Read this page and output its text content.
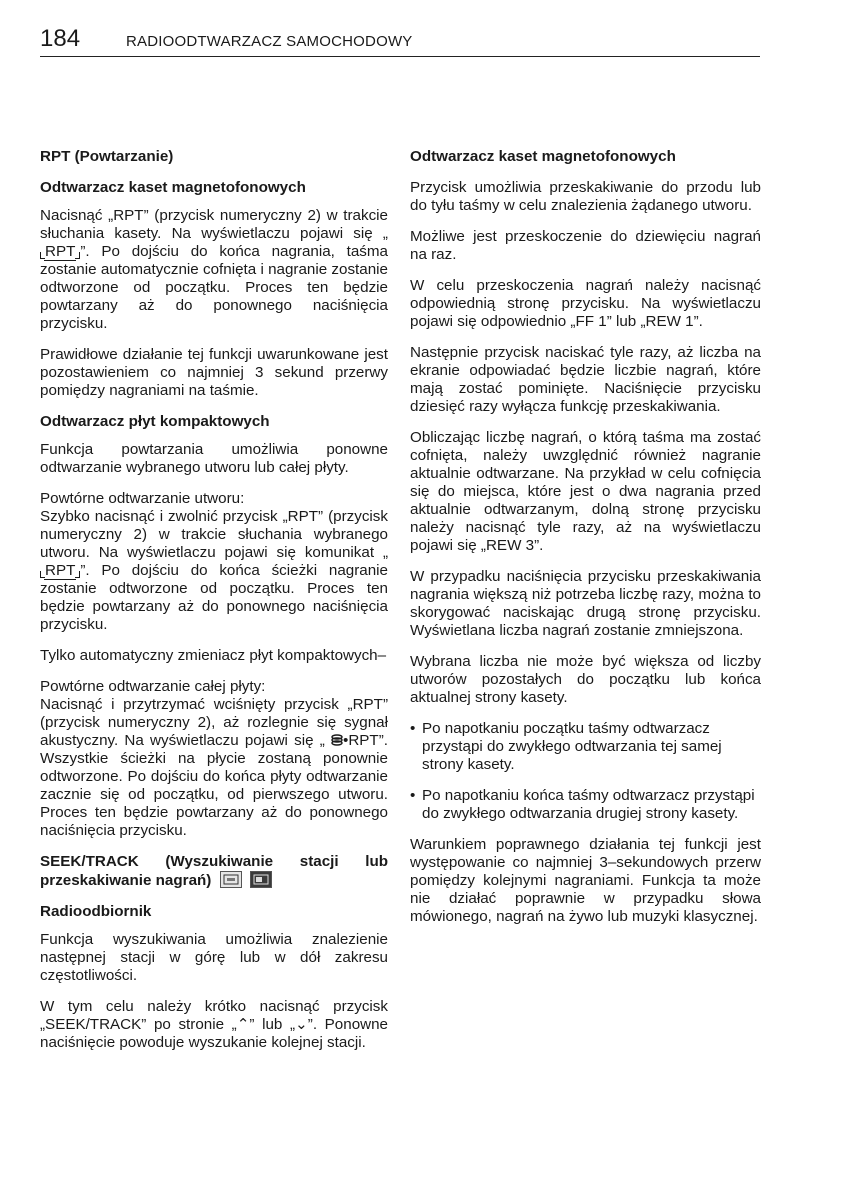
184	RADIOODTWARZACZ SAMOCHODOWY
RPT (Powtarzanie)
Odtwarzacz kaset magnetofonowych

Nacisnąć „RPT” (przycisk numeryczny 2) w trakcie słuchania kasety. Na wyświetlaczu pojawi się „RPT ”. Po dojściu do końca nagrania, taśma zostanie automatycznie cofnięta i nagranie zostanie odtworzone od początku. Proces ten będzie powtarzany aż do ponownego naciśnięcia przycisku.

Prawidłowe działanie tej funkcji uwarunkowane jest pozostawieniem co najmniej 3 sekund przerwy pomiędzy nagraniami na taśmie.

Odtwarzacz płyt kompaktowych

Funkcja powtarzania umożliwia ponowne odtwarzanie wybranego utworu lub całej płyty.

Powtórne odtwarzanie utworu:

Szybko nacisnąć i zwolnić przycisk „RPT” (przycisk numeryczny 2) w trakcie słuchania wybranego utworu. Na wyświetlaczu pojawi się komunikat „RPT ”. Po dojściu do końca ścieżki nagranie zostanie odtworzone od początku. Proces ten będzie powtarzany aż do ponownego naciśnięcia przycisku.

Tylko automatyczny zmieniacz płyt kompaktowych–

Powtórne odtwarzanie całej płyty:

Nacisnąć i przytrzymać wciśnięty przycisk „RPT” (przycisk numeryczny 2), aż rozlegnie się sygnał akustyczny. Na wyświetlaczu pojawi się „ •RPT”. Wszystkie ścieżki na płycie zostaną ponownie odtworzone. Po dojściu do końca płyty odtwarzanie zacznie się od początku, od pierwszego utworu. Proces ten będzie powtarzany aż do ponownego naciśnięcia przycisku.

SEEK/TRACK (Wyszukiwanie stacji lub przeskakiwanie nagrań)

Radioodbiornik

Funkcja wyszukiwania umożliwia znalezienie następnej stacji w górę lub w dół zakresu częstotliwości.

W tym celu należy krótko nacisnąć przycisk „SEEK/TRACK” po stronie „⌃” lub „⌄”. Ponowne naciśnięcie powoduje wyszukanie kolejnej stacji.

Odtwarzacz kaset magnetofonowych

Przycisk umożliwia przeskakiwanie do przodu lub do tyłu taśmy w celu znalezienia żądanego utworu.

Możliwe jest przeskoczenie do dziewięciu nagrań na raz.

W celu przeskoczenia nagrań należy nacisnąć odpowiednią stronę przycisku. Na wyświetlaczu pojawi się odpowiednio „FF 1” lub „REW 1”.

Następnie przycisk naciskać tyle razy, aż liczba na ekranie odpowiadać będzie liczbie nagrań, które mają zostać pominięte. Naciśnięcie przycisku dziesięć razy wyłącza funkcję przeskakiwania.

Obliczając liczbę nagrań, o którą taśma ma zostać cofnięta, należy uwzględnić również nagranie aktualnie odtwarzane. Na przykład w celu cofnięcia się do miejsca, które jest o dwa nagrania przed aktualnie odtwarzanym, dolną stronę przycisku należy nacisnąć tyle razy, aż na wyświetlaczu pojawi się „REW 3”.

W przypadku naciśnięcia przycisku przeskakiwania nagrania większą niż potrzeba liczbę razy, można to skorygować naciskając drugą stronę przycisku. Wyświetlana liczba nagrań zostanie zmniejszona.

Wybrana liczba nie może być większa od liczby utworów pozostałych do początku lub końca aktualnej strony kasety.

• Po napotkaniu początku taśmy odtwarzacz przystąpi do zwykłego odtwarzania tej samej strony kasety.
• Po napotkaniu końca taśmy odtwarzacz przystąpi do zwykłego odtwarzania drugiej strony kasety.

Warunkiem poprawnego działania tej funkcji jest występowanie co najmniej 3–sekundowych przerw pomiędzy kolejnymi nagraniami. Funkcja ta może nie działać poprawnie w przypadku słowa mówionego, nagrań na żywo lub muzyki klasycznej.
